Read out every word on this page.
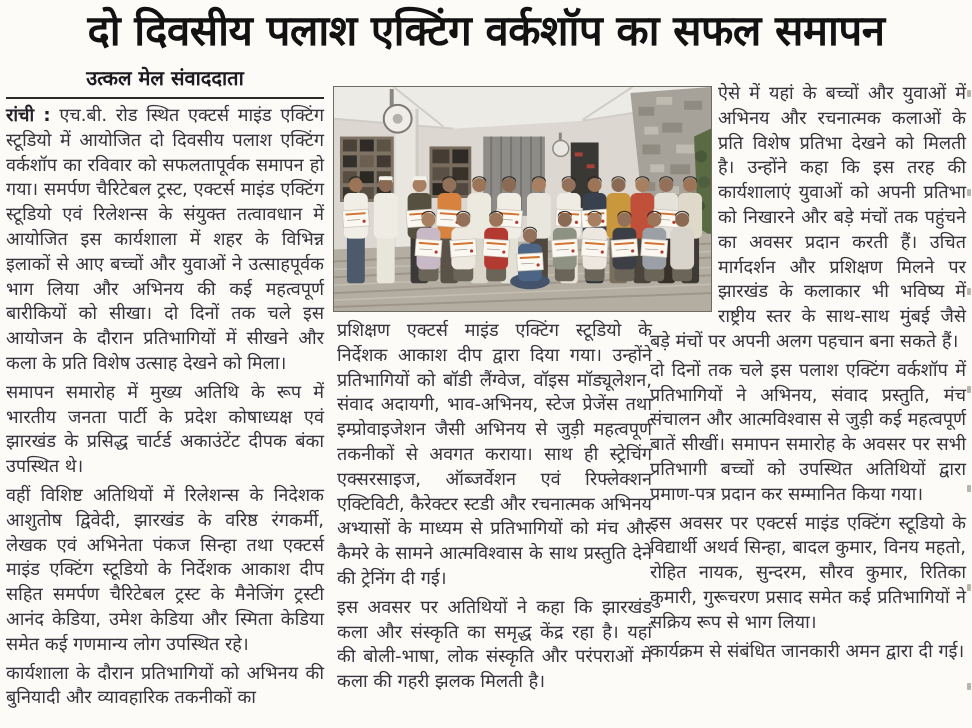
दो दिवसीय पलाश एक्टिंग वर्कशॉप का सफल समापन
उत्कल मेल संवाददाता

रांची : एच.बी. रोड स्थित एक्टर्स माइंड एक्टिंग स्टूडियो में आयोजित दो दिवसीय पलाश एक्टिंग वर्कशॉप का रविवार को सफलतापूर्वक समापन हो गया। समर्पण चैरिटेबल ट्रस्ट, एक्टर्स माइंड एक्टिंग स्टूडियो एवं रिलेशन्स के संयुक्त तत्वावधान में आयोजित इस कार्यशाला में शहर के विभिन्न इलाकों से आए बच्चों और युवाओं ने उत्साहपूर्वक भाग लिया और अभिनय की कई महत्वपूर्ण बारीकियों को सीखा। दो दिनों तक चले इस आयोजन के दौरान प्रतिभागियों में सीखने और कला के प्रति विशेष उत्साह देखने को मिला।

समापन समारोह में मुख्य अतिथि के रूप में भारतीय जनता पार्टी के प्रदेश कोषाध्यक्ष एवं झारखंड के प्रसिद्ध चार्टर्ड अकाउंटेंट दीपक बंका उपस्थित थे।

वहीं विशिष्ट अतिथियों में रिलेशन्स के निदेशक आशुतोष द्विवेदी, झारखंड के वरिष्ठ रंगकर्मी, लेखक एवं अभिनेता पंकज सिन्हा तथा एक्टर्स माइंड एक्टिंग स्टूडियो के निर्देशक आकाश दीप सहित समर्पण चैरिटेबल ट्रस्ट के मैनेजिंग ट्रस्टी आनंद केडिया, उमेश केडिया और स्मिता केडिया समेत कई गणमान्य लोग उपस्थित रहे।

कार्यशाला के दौरान प्रतिभागियों को अभिनय की बुनियादी और व्यावहारिक तकनीकों का

प्रशिक्षण एक्टर्स माइंड एक्टिंग स्टूडियो के निर्देशक आकाश दीप द्वारा दिया गया। उन्होंने प्रतिभागियों को बॉडी लैंग्वेज, वॉइस मॉड्यूलेशन, संवाद अदायगी, भाव-अभिनय, स्टेज प्रेजेंस तथा इम्प्रोवाइजेशन जैसी अभिनय से जुड़ी महत्वपूर्ण तकनीकों से अवगत कराया। साथ ही स्ट्रेचिंग एक्सरसाइज, ऑब्जर्वेशन एवं रिफ्लेक्शन एक्टिविटी, कैरेक्टर स्टडी और रचनात्मक अभिनय अभ्यासों के माध्यम से प्रतिभागियों को मंच और कैमरे के सामने आत्मविश्वास के साथ प्रस्तुति देने की ट्रेनिंग दी गई।

इस अवसर पर अतिथियों ने कहा कि झारखंड कला और संस्कृति का समृद्ध केंद्र रहा है। यहां की बोली-भाषा, लोक संस्कृति और परंपराओं में कला की गहरी झलक मिलती है।

ऐसे में यहां के बच्चों और युवाओं में अभिनय और रचनात्मक कलाओं के प्रति विशेष प्रतिभा देखने को मिलती है। उन्होंने कहा कि इस तरह की कार्यशालाएं युवाओं को अपनी प्रतिभा को निखारने और बड़े मंचों तक पहुंचने का अवसर प्रदान करती हैं। उचित मार्गदर्शन और प्रशिक्षण मिलने पर झारखंड के कलाकार भी भविष्य में राष्ट्रीय स्तर के साथ-साथ मुंबई जैसे बड़े मंचों पर अपनी अलग पहचान बना सकते हैं।

दो दिनों तक चले इस पलाश एक्टिंग वर्कशॉप में प्रतिभागियों ने अभिनय, संवाद प्रस्तुति, मंच संचालन और आत्मविश्वास से जुड़ी कई महत्वपूर्ण बातें सीखीं। समापन समारोह के अवसर पर सभी प्रतिभागी बच्चों को उपस्थित अतिथियों द्वारा प्रमाण-पत्र प्रदान कर सम्मानित किया गया।

इस अवसर पर एक्टर्स माइंड एक्टिंग स्टूडियो के विद्यार्थी अथर्व सिन्हा, बादल कुमार, विनय महतो, रोहित नायक, सुन्दरम, सौरव कुमार, रितिका कुमारी, गुरूचरण प्रसाद समेत कई प्रतिभागियों ने सक्रिय रूप से भाग लिया।

कार्यक्रम से संबंधित जानकारी अमन द्वारा दी गई।
